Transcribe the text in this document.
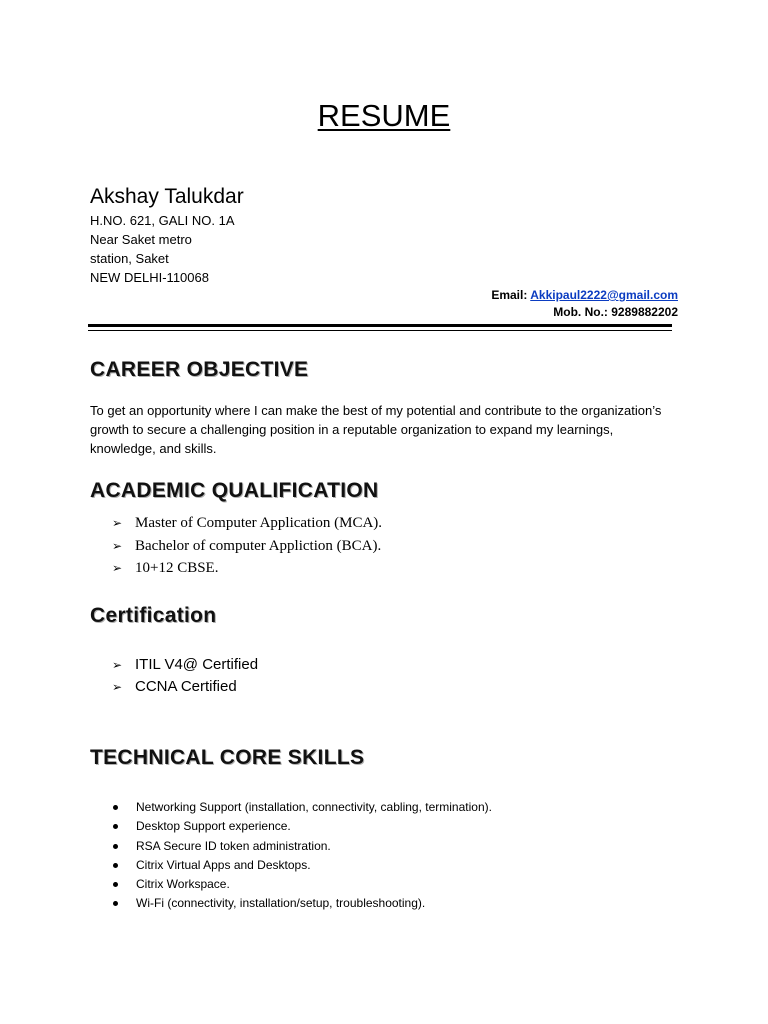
RESUME
Akshay Talukdar
H.NO. 621, GALI NO. 1A
Near Saket metro
station, Saket
NEW DELHI-110068
Email: Akkipaul2222@gmail.com
Mob. No.: 9289882202
CAREER OBJECTIVE
To get an opportunity where I can make the best of my potential and contribute to the organization’s growth to secure a challenging position in a reputable organization to expand my learnings, knowledge, and skills.
ACADEMIC QUALIFICATION
➢ Master of Computer Application (MCA).
➢ Bachelor of computer Appliction (BCA).
➢ 10+12 CBSE.
Certification
➢ ITIL V4@ Certified
➢ CCNA Certified
TECHNICAL CORE SKILLS
Networking Support (installation, connectivity, cabling, termination).
Desktop Support experience.
RSA Secure ID token administration.
Citrix Virtual Apps and Desktops.
Citrix Workspace.
Wi-Fi (connectivity, installation/setup, troubleshooting).
